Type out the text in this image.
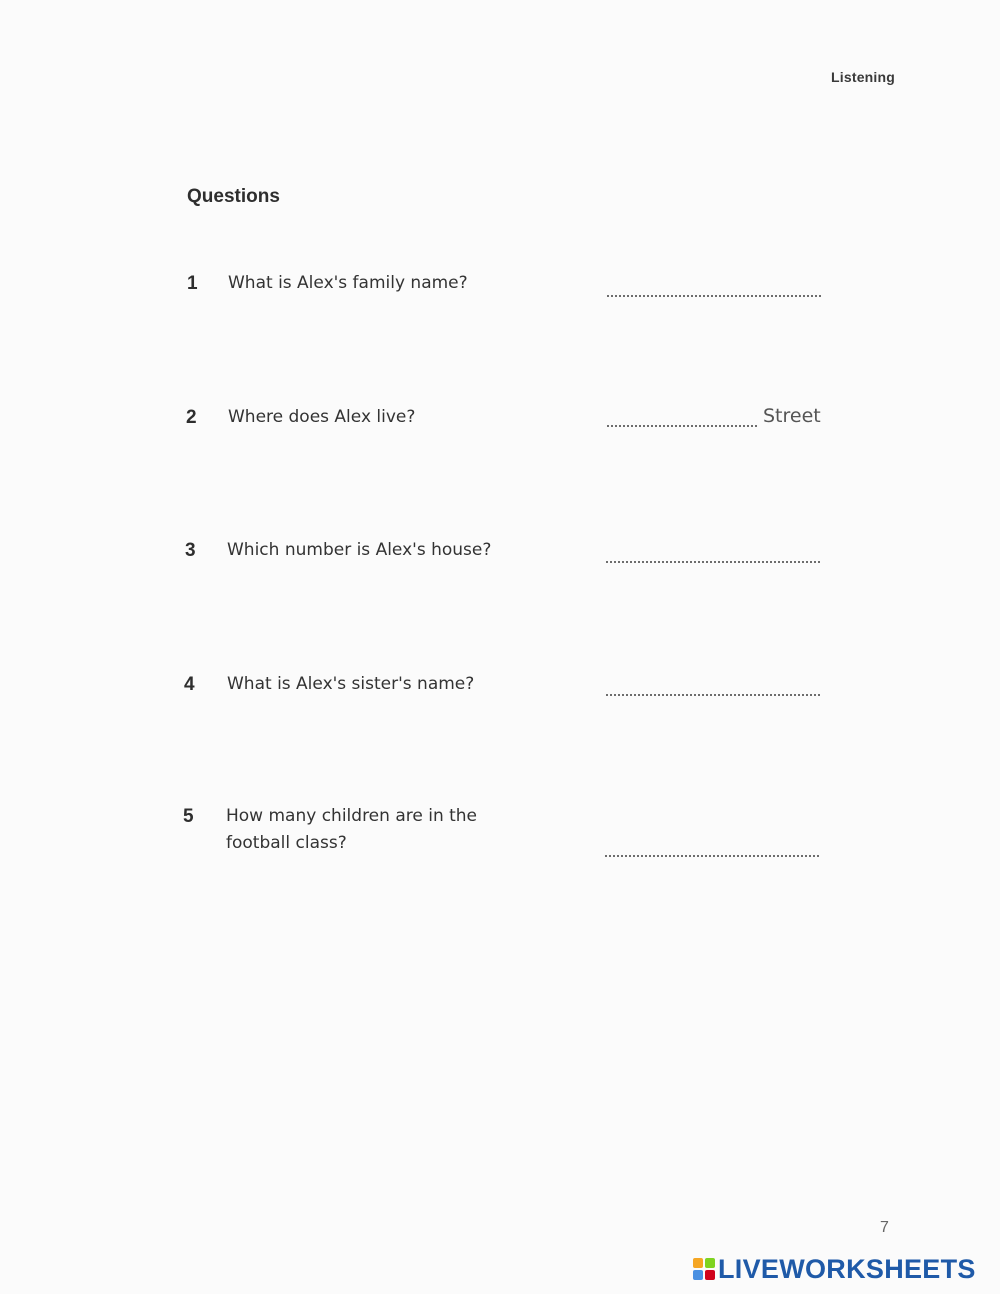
Listening
Questions
1 What is Alex's family name?
2 Where does Alex live?	Street
3 Which number is Alex's house?
4 What is Alex's sister's name?
5 How many children are in the football class?
7
LIVEWORKSHEETS
